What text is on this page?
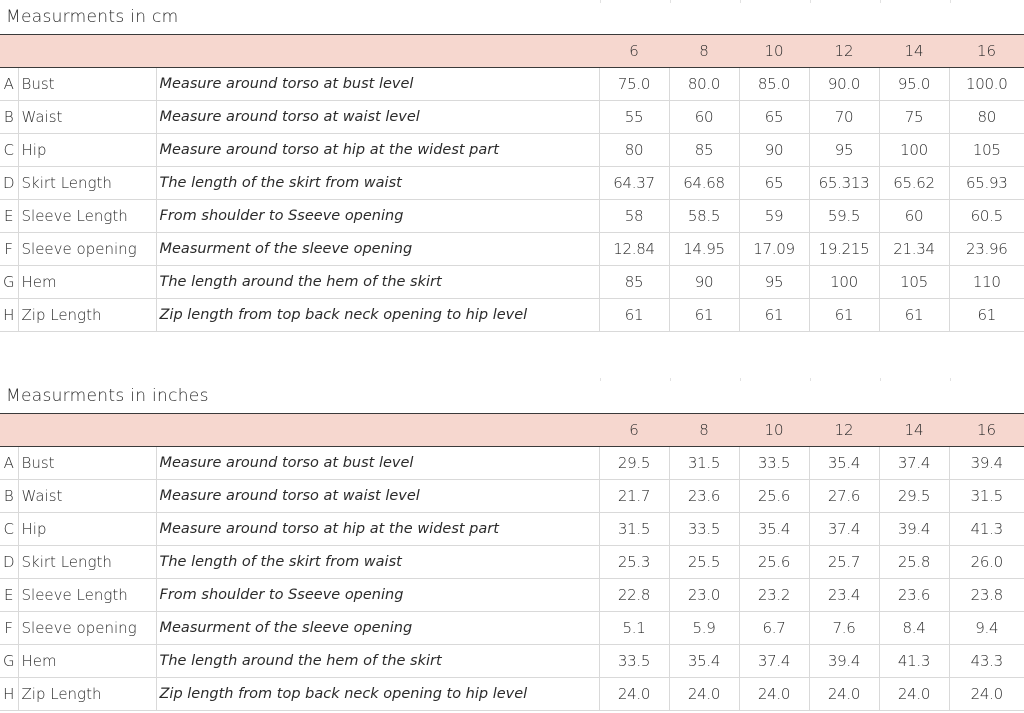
Measurments in cm
			6	8	10	12	14	16
A	Bust	Measure around torso at bust level	75.0	80.0	85.0	90.0	95.0	100.0
B	Waist	Measure around torso at waist level	55	60	65	70	75	80
C	Hip	Measure around torso at hip at the widest part	80	85	90	95	100	105
D	Skirt Length	The length of the skirt from waist	64.37	64.68	65	65.313	65.62	65.93
E	Sleeve Length	From shoulder to Sseeve opening	58	58.5	59	59.5	60	60.5
F	Sleeve opening	Measurment of the sleeve opening	12.84	14.95	17.09	19.215	21.34	23.96
G	Hem	The length around the hem of the skirt	85	90	95	100	105	110
H	Zip Length	Zip length from top back neck opening to hip level	61	61	61	61	61	61
Measurments in inches
			6	8	10	12	14	16
A	Bust	Measure around torso at bust level	29.5	31.5	33.5	35.4	37.4	39.4
B	Waist	Measure around torso at waist level	21.7	23.6	25.6	27.6	29.5	31.5
C	Hip	Measure around torso at hip at the widest part	31.5	33.5	35.4	37.4	39.4	41.3
D	Skirt Length	The length of the skirt from waist	25.3	25.5	25.6	25.7	25.8	26.0
E	Sleeve Length	From shoulder to Sseeve opening	22.8	23.0	23.2	23.4	23.6	23.8
F	Sleeve opening	Measurment of the sleeve opening	5.1	5.9	6.7	7.6	8.4	9.4
G	Hem	The length around the hem of the skirt	33.5	35.4	37.4	39.4	41.3	43.3
H	Zip Length	Zip length from top back neck opening to hip level	24.0	24.0	24.0	24.0	24.0	24.0
